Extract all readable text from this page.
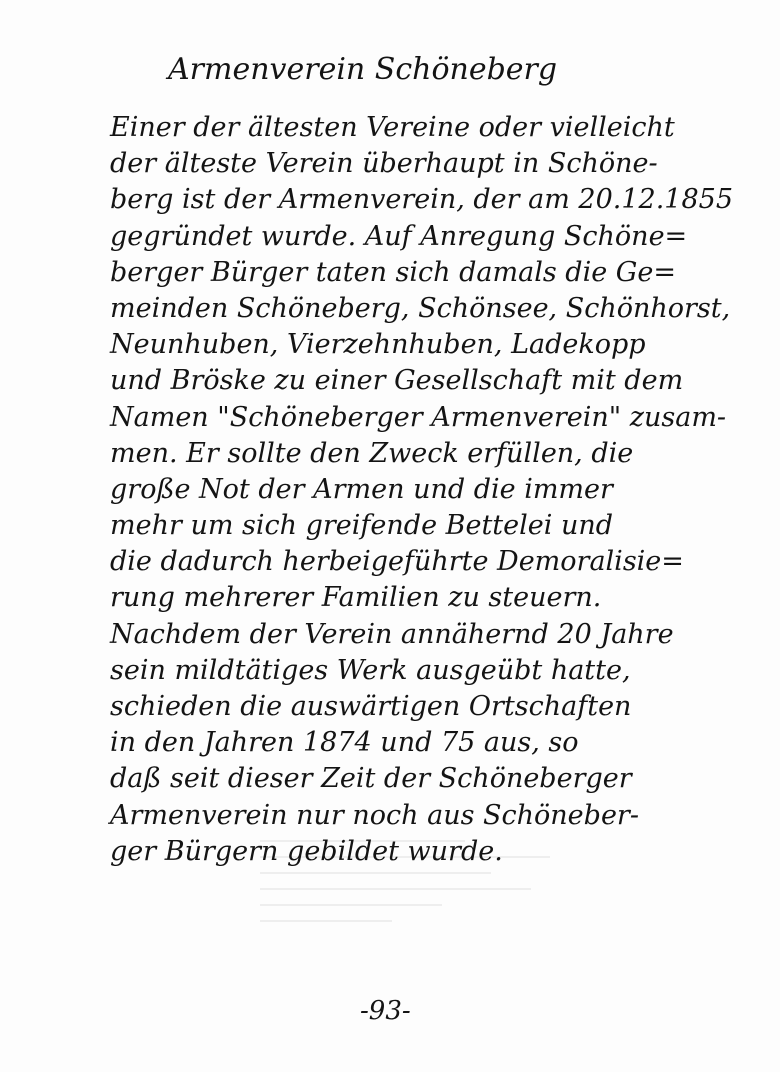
Armenverein Schöneberg
Einer der ältesten Vereine oder vielleicht
der älteste Verein überhaupt in Schöne-
berg ist der Armenverein, der am 20.12.1855
gegründet wurde. Auf Anregung Schöne=
berger Bürger taten sich damals die Ge=
meinden Schöneberg, Schönsee, Schönhorst,
Neunhuben, Vierzehnhuben, Ladekopp
und Bröske zu einer Gesellschaft mit dem
Namen "Schöneberger Armenverein" zusam-
men. Er sollte den Zweck erfüllen, die
große Not der Armen und die immer
mehr um sich greifende Bettelei und
die dadurch herbeigeführte Demoralisie=
rung mehrerer Familien zu steuern.
Nachdem der Verein annähernd 20 Jahre
sein mildtätiges Werk ausgeübt hatte,
schieden die auswärtigen Ortschaften
in den Jahren 1874 und 75 aus, so
daß seit dieser Zeit der Schöneberger
Armenverein nur noch aus Schöneber-
ger Bürgern gebildet wurde.
-93-
